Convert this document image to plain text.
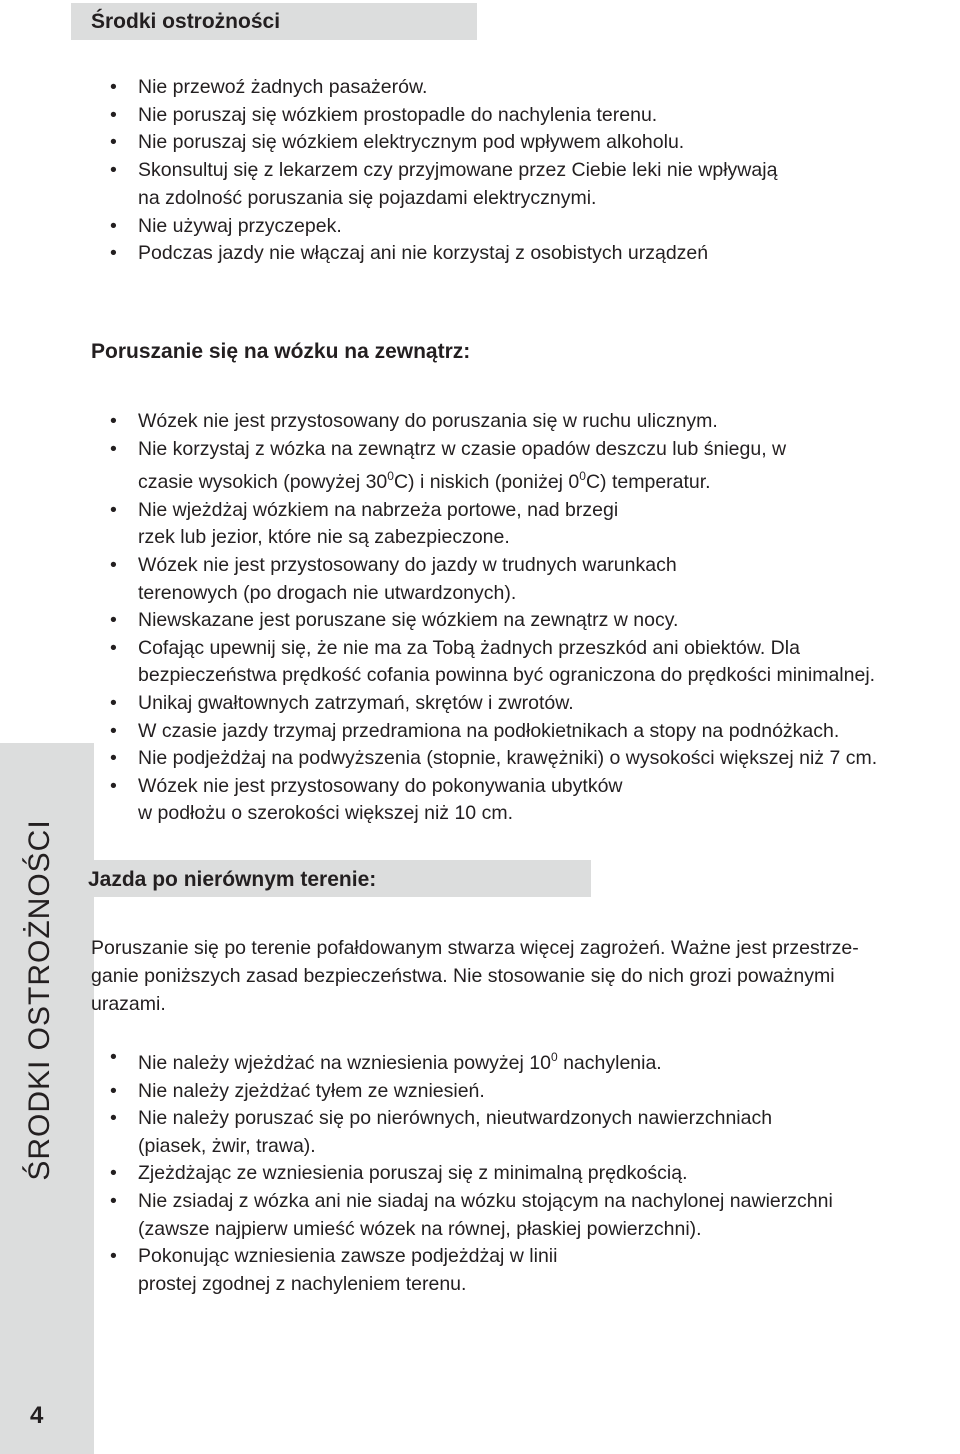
Środki ostrożności
• Nie przewoź żadnych pasażerów.
• Nie poruszaj się wózkiem prostopadle do nachylenia terenu.
• Nie poruszaj się wózkiem elektrycznym pod wpływem alkoholu.
• Skonsultuj się z lekarzem czy przyjmowane przez Ciebie leki nie wpływają
na zdolność poruszania się pojazdami elektrycznymi.
• Nie używaj przyczepek.
• Podczas jazdy nie włączaj ani nie korzystaj z osobistych urządzeń
Poruszanie się na wózku na zewnątrz:
• Wózek nie jest przystosowany do poruszania się w ruchu ulicznym.
• Nie korzystaj z wózka na zewnątrz w czasie opadów deszczu lub śniegu, w
czasie wysokich (powyżej $30^0C$) i niskich (poniżej $0^0C$) temperatur.
• Nie wjeżdżaj wózkiem na nabrzeża portowe, nad brzegi
rzek lub jezior, które nie są zabezpieczone.
• Wózek nie jest przystosowany do jazdy w trudnych warunkach
terenowych (po drogach nie utwardzonych).
• Niewskazane jest poruszane się wózkiem na zewnątrz w nocy.
• Cofając upewnij się, że nie ma za Tobą żadnych przeszkód ani obiektów. Dla
bezpieczeństwa prędkość cofania powinna być ograniczona do prędkości minimalnej.
• Unikaj gwałtownych zatrzymań, skrętów i zwrotów.
• W czasie jazdy trzymaj przedramiona na podłokietnikach a stopy na podnóżkach.
• Nie podjeżdżaj na podwyższenia (stopnie, krawężniki) o wysokości większej niż 7 cm.
• Wózek nie jest przystosowany do pokonywania ubytków
w podłożu o szerokości większej niż 10 cm.
ŚRODKI OSTROŻNOŚCI
4
Jazda po nierównym terenie:
Poruszanie się po terenie pofałdowanym stwarza więcej zagrożeń. Ważne jest przestrze-
ganie poniższych zasad bezpieczeństwa. Nie stosowanie się do nich grozi poważnymi
urazami.
• Nie należy wjeżdżać na wzniesienia powyżej $10^0$ nachylenia.
• Nie należy zjeżdżać tyłem ze wzniesień.
• Nie należy poruszać się po nierównych, nieutwardzonych nawierzchniach
(piasek, żwir, trawa).
• Zjeżdżając ze wzniesienia poruszaj się z minimalną prędkością.
• Nie zsiadaj z wózka ani nie siadaj na wózku stojącym na nachylonej nawierzchni
(zawsze najpierw umieść wózek na równej, płaskiej powierzchni).
• Pokonując wzniesienia zawsze podjeżdżaj w linii
prostej zgodnej z nachyleniem terenu.
